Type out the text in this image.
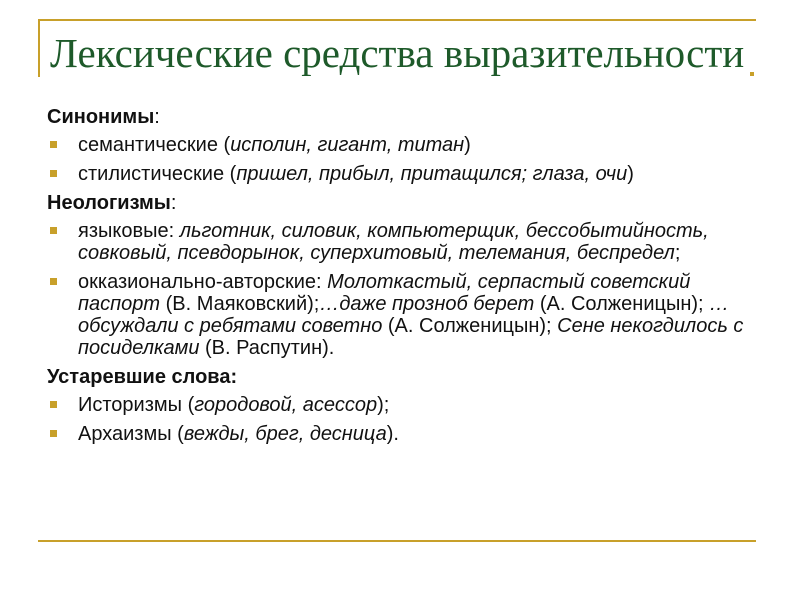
Лексические средства выразительности
Синонимы:
семантические (исполин, гигант, титан)
стилистические (пришел, прибыл, притащился; глаза, очи)
Неологизмы:
языковые: льготник, силовик, компьютерщик, бессобытийность, совковый, псевдорынок, суперхитовый, телемания, беспредел;
окказионально-авторские: Молоткастый, серпастый советский паспорт (В. Маяковский);…даже прозноб берет (А. Солженицын); …обсуждали с ребятами советно (А. Солженицын); Сене некогдилось с посиделками (В. Распутин).
Устаревшие слова:
Историзмы (городовой, асессор);
Архаизмы (вежды, брег, десница).
